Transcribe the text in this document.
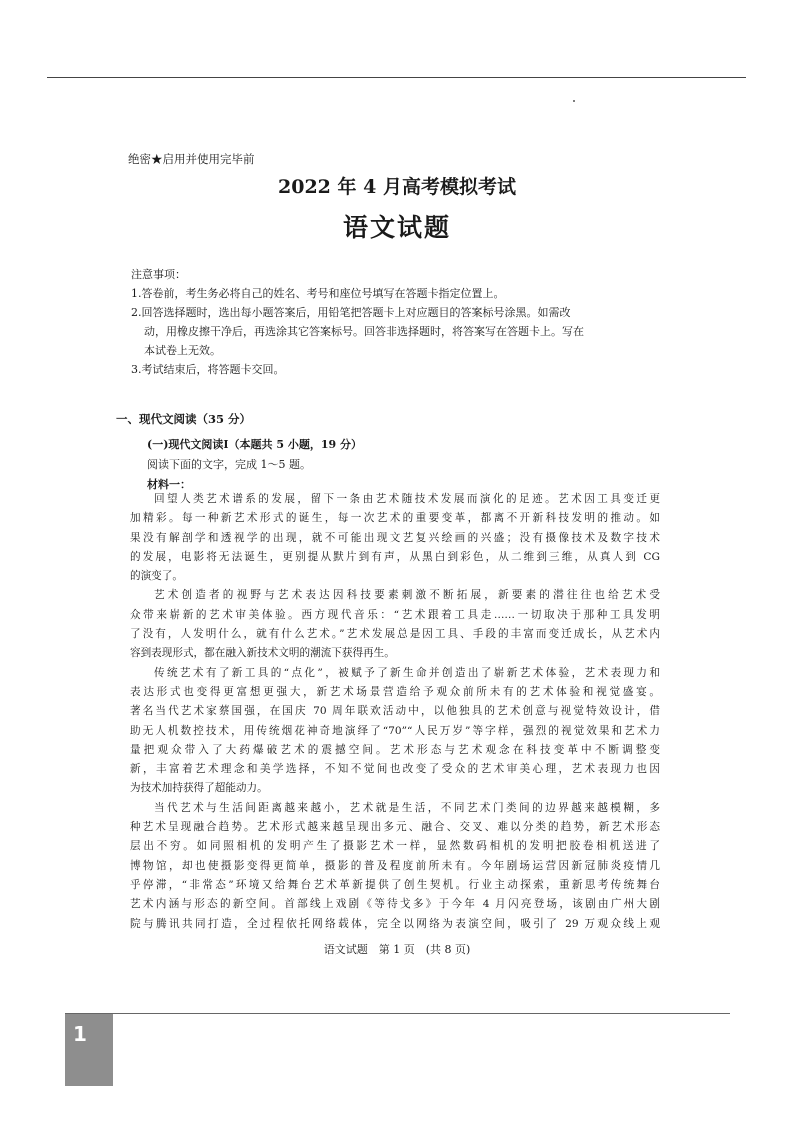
绝密★启用并使用完毕前
2022 年 4 月高考模拟考试
语文试题
注意事项：
1.答卷前，考生务必将自己的姓名、考号和座位号填写在答题卡指定位置上。
2.回答选择题时，选出每小题答案后，用铅笔把答题卡上对应题目的答案标号涂黑。如需改
动，用橡皮擦干净后，再选涂其它答案标号。回答非选择题时，将答案写在答题卡上。写在
本试卷上无效。
3.考试结束后，将答题卡交回。
一、现代文阅读（35 分）
(一)现代文阅读Ⅰ（本题共 5 小题，19 分）
阅读下面的文字，完成 1～5 题。
材料一：

回望人类艺术谱系的发展，留下一条由艺术随技术发展而演化的足迹。艺术因工具变迁更
加精彩。每一种新艺术形式的诞生，每一次艺术的重要变革，都离不开新科技发明的推动。如
果没有解剖学和透视学的出现，就不可能出现文艺复兴绘画的兴盛；没有摄像技术及数字技术
的发展，电影将无法诞生，更别提从默片到有声，从黑白到彩色，从二维到三维，从真人到 CG
的演变了。

艺术创造者的视野与艺术表达因科技要素刺激不断拓展，新要素的潜往往也给艺术受
众带来崭新的艺术审美体验。西方现代音乐：“艺术跟着工具走……一切取决于那种工具发明
了没有，人发明什么，就有什么艺术。”艺术发展总是因工具、手段的丰富而变迁成长，从艺术内
容到表现形式，都在融入新技术文明的潮流下获得再生。

传统艺术有了新工具的“点化”，被赋予了新生命并创造出了崭新艺术体验，艺术表现力和
表达形式也变得更富想更强大，新艺术场景营造给予观众前所未有的艺术体验和视觉盛宴。
著名当代艺术家蔡国强，在国庆 70 周年联欢活动中，以他独具的艺术创意与视觉特效设计，借
助无人机数控技术，用传统烟花神奇地演绎了“70”“人民万岁”等字样，强烈的视觉效果和艺术力
量把观众带入了大药爆破艺术的震撼空间。艺术形态与艺术观念在科技变革中不断调整变
新，丰富着艺术理念和美学选择，不知不觉间也改变了受众的艺术审美心理，艺术表现力也因
为技术加持获得了超能动力。

当代艺术与生活间距离越来越小，艺术就是生活，不同艺术门类间的边界越来越模糊，多
种艺术呈现融合趋势。艺术形式越来越呈现出多元、融合、交叉、难以分类的趋势，新艺术形态
层出不穷。如同照相机的发明产生了摄影艺术一样，显然数码相机的发明把胶卷相机送进了
博物馆，却也使摄影变得更简单，摄影的普及程度前所未有。今年剧场运营因新冠肺炎疫情几
乎停滞，“非常态”环境又给舞台艺术革新提供了创生契机。行业主动探索，重新思考传统舞台
艺术内涵与形态的新空间。首部线上戏剧《等待戈多》于今年 4 月闪亮登场，该剧由广州大剧
院与腾讯共同打造，全过程依托网络载体，完全以网络为表演空间，吸引了 29 万观众线上观

语文试题　第 1 页　(共 8 页)
1
